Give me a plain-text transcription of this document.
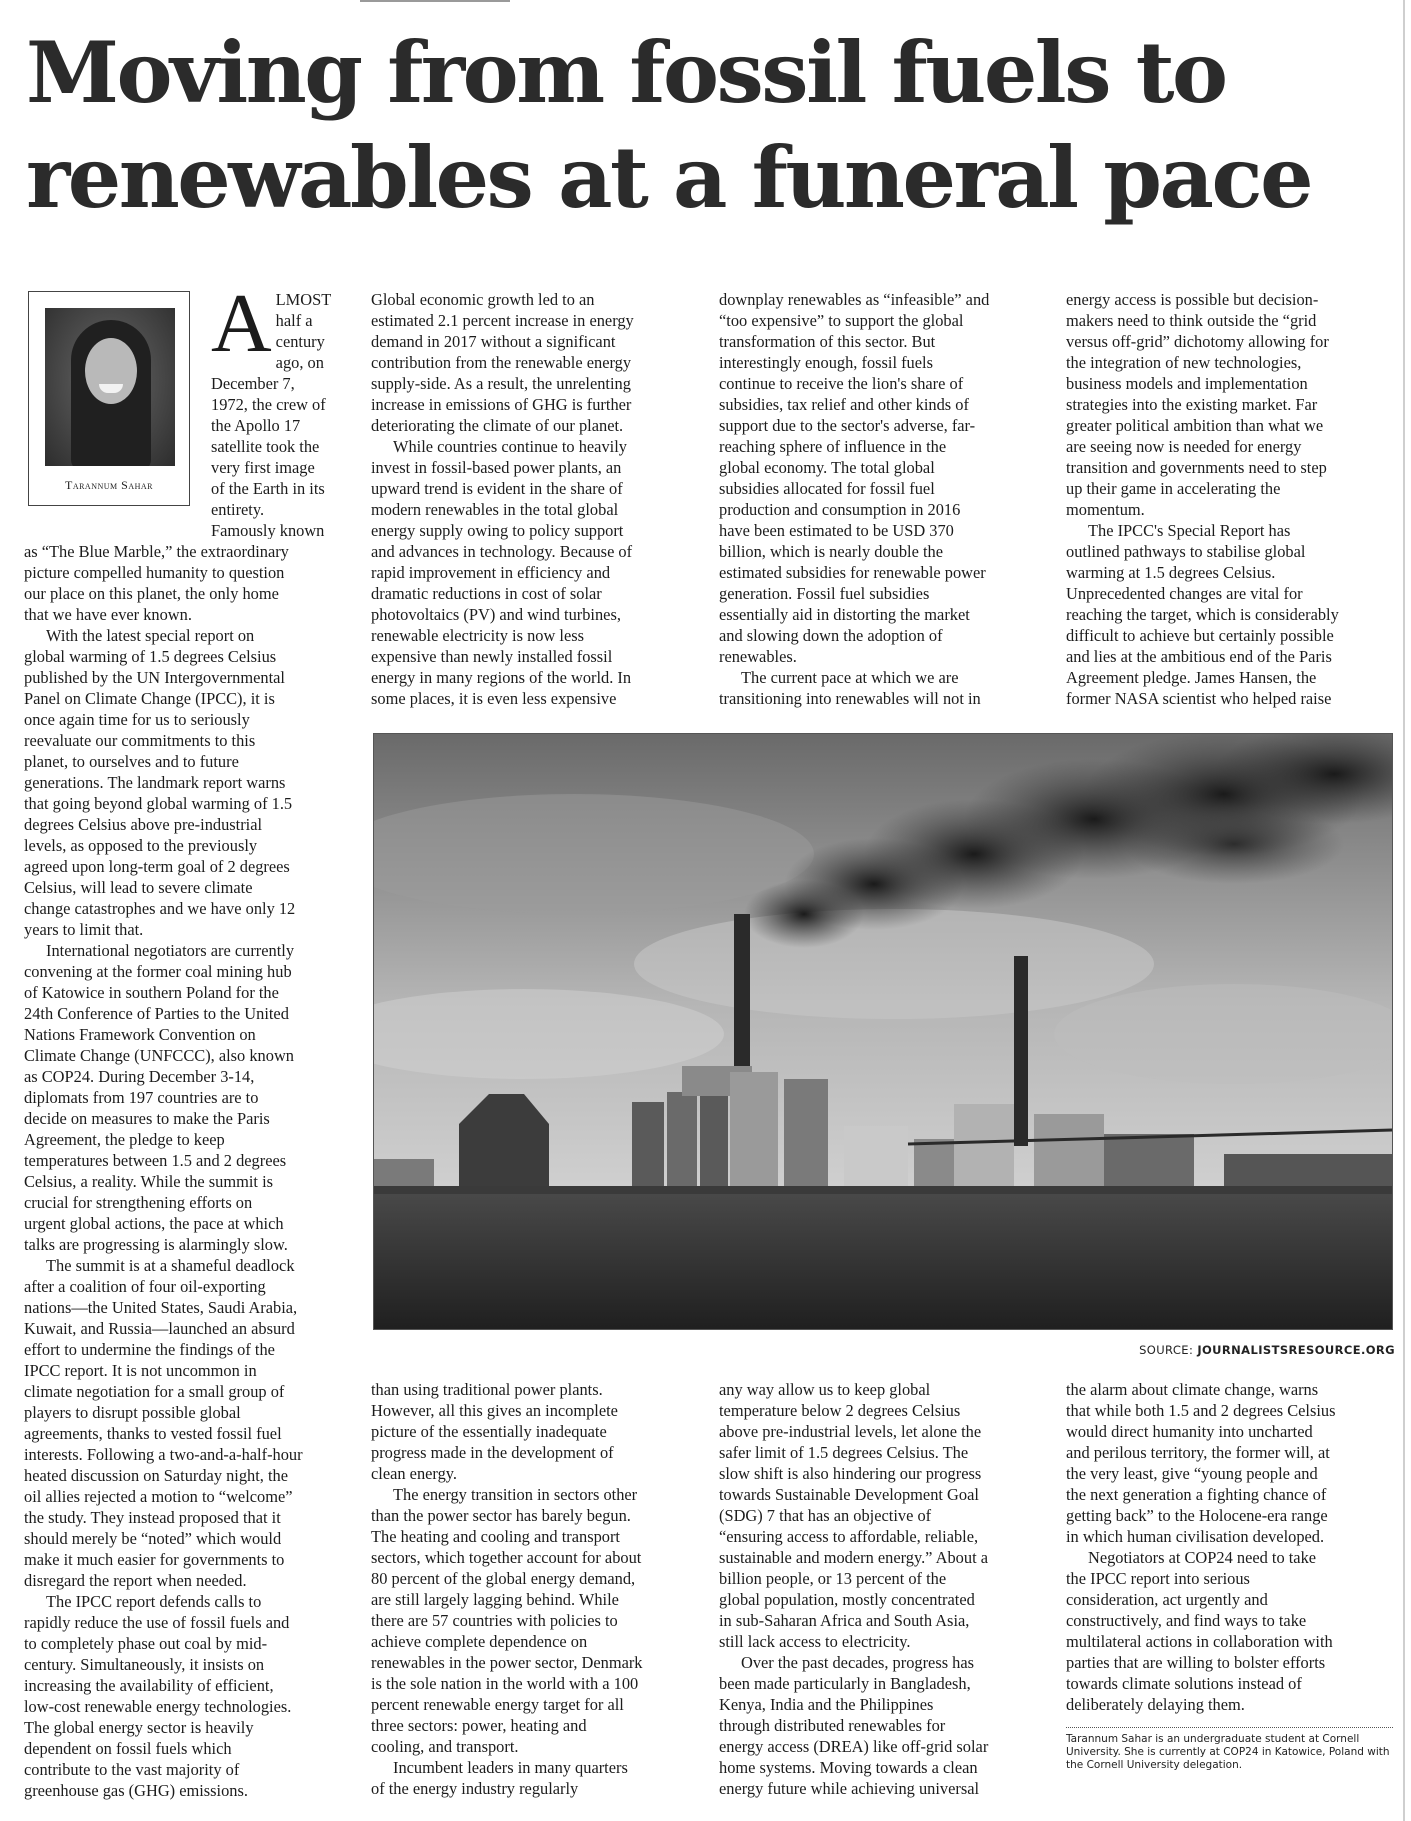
Moving from fossil fuels to renewables at a funeral pace
Tarannum Sahar
ALMOST
half a
century
ago, on
December 7,
1972, the crew of
the Apollo 17
satellite took the
very first image
of the Earth in its
entirety.
Famously known
as “The Blue Marble,” the extraordinary
picture compelled humanity to question
our place on this planet, the only home
that we have ever known.
With the latest special report on
global warming of 1.5 degrees Celsius
published by the UN Intergovernmental
Panel on Climate Change (IPCC), it is
once again time for us to seriously
reevaluate our commitments to this
planet, to ourselves and to future
generations. The landmark report warns
that going beyond global warming of 1.5
degrees Celsius above pre-industrial
levels, as opposed to the previously
agreed upon long-term goal of 2 degrees
Celsius, will lead to severe climate
change catastrophes and we have only 12
years to limit that.
International negotiators are currently
convening at the former coal mining hub
of Katowice in southern Poland for the
24th Conference of Parties to the United
Nations Framework Convention on
Climate Change (UNFCCC), also known
as COP24. During December 3-14,
diplomats from 197 countries are to
decide on measures to make the Paris
Agreement, the pledge to keep
temperatures between 1.5 and 2 degrees
Celsius, a reality. While the summit is
crucial for strengthening efforts on
urgent global actions, the pace at which
talks are progressing is alarmingly slow.
The summit is at a shameful deadlock
after a coalition of four oil-exporting
nations—the United States, Saudi Arabia,
Kuwait, and Russia—launched an absurd
effort to undermine the findings of the
IPCC report. It is not uncommon in
climate negotiation for a small group of
players to disrupt possible global
agreements, thanks to vested fossil fuel
interests. Following a two-and-a-half-hour
heated discussion on Saturday night, the
oil allies rejected a motion to “welcome”
the study. They instead proposed that it
should merely be “noted” which would
make it much easier for governments to
disregard the report when needed.
The IPCC report defends calls to
rapidly reduce the use of fossil fuels and
to completely phase out coal by mid-
century. Simultaneously, it insists on
increasing the availability of efficient,
low-cost renewable energy technologies.
The global energy sector is heavily
dependent on fossil fuels which
contribute to the vast majority of
greenhouse gas (GHG) emissions.
Global economic growth led to an
estimated 2.1 percent increase in energy
demand in 2017 without a significant
contribution from the renewable energy
supply-side. As a result, the unrelenting
increase in emissions of GHG is further
deteriorating the climate of our planet.
While countries continue to heavily
invest in fossil-based power plants, an
upward trend is evident in the share of
modern renewables in the total global
energy supply owing to policy support
and advances in technology. Because of
rapid improvement in efficiency and
dramatic reductions in cost of solar
photovoltaics (PV) and wind turbines,
renewable electricity is now less
expensive than newly installed fossil
energy in many regions of the world. In
some places, it is even less expensive
downplay renewables as “infeasible” and
“too expensive” to support the global
transformation of this sector. But
interestingly enough, fossil fuels
continue to receive the lion's share of
subsidies, tax relief and other kinds of
support due to the sector's adverse, far-
reaching sphere of influence in the
global economy. The total global
subsidies allocated for fossil fuel
production and consumption in 2016
have been estimated to be USD 370
billion, which is nearly double the
estimated subsidies for renewable power
generation. Fossil fuel subsidies
essentially aid in distorting the market
and slowing down the adoption of
renewables.
The current pace at which we are
transitioning into renewables will not in
energy access is possible but decision-
makers need to think outside the “grid
versus off-grid” dichotomy allowing for
the integration of new technologies,
business models and implementation
strategies into the existing market. Far
greater political ambition than what we
are seeing now is needed for energy
transition and governments need to step
up their game in accelerating the
momentum.
The IPCC's Special Report has
outlined pathways to stabilise global
warming at 1.5 degrees Celsius.
Unprecedented changes are vital for
reaching the target, which is considerably
difficult to achieve but certainly possible
and lies at the ambitious end of the Paris
Agreement pledge. James Hansen, the
former NASA scientist who helped raise
SOURCE: JOURNALISTSRESOURCE.ORG
than using traditional power plants.
However, all this gives an incomplete
picture of the essentially inadequate
progress made in the development of
clean energy.
The energy transition in sectors other
than the power sector has barely begun.
The heating and cooling and transport
sectors, which together account for about
80 percent of the global energy demand,
are still largely lagging behind. While
there are 57 countries with policies to
achieve complete dependence on
renewables in the power sector, Denmark
is the sole nation in the world with a 100
percent renewable energy target for all
three sectors: power, heating and
cooling, and transport.
Incumbent leaders in many quarters
of the energy industry regularly
any way allow us to keep global
temperature below 2 degrees Celsius
above pre-industrial levels, let alone the
safer limit of 1.5 degrees Celsius. The
slow shift is also hindering our progress
towards Sustainable Development Goal
(SDG) 7 that has an objective of
“ensuring access to affordable, reliable,
sustainable and modern energy.” About a
billion people, or 13 percent of the
global population, mostly concentrated
in sub-Saharan Africa and South Asia,
still lack access to electricity.
Over the past decades, progress has
been made particularly in Bangladesh,
Kenya, India and the Philippines
through distributed renewables for
energy access (DREA) like off-grid solar
home systems. Moving towards a clean
energy future while achieving universal
the alarm about climate change, warns
that while both 1.5 and 2 degrees Celsius
would direct humanity into uncharted
and perilous territory, the former will, at
the very least, give “young people and
the next generation a fighting chance of
getting back” to the Holocene-era range
in which human civilisation developed.
Negotiators at COP24 need to take
the IPCC report into serious
consideration, act urgently and
constructively, and find ways to take
multilateral actions in collaboration with
parties that are willing to bolster efforts
towards climate solutions instead of
deliberately delaying them.
Tarannum Sahar is an undergraduate student at Cornell University. She is currently at COP24 in Katowice, Poland with the Cornell University delegation.
